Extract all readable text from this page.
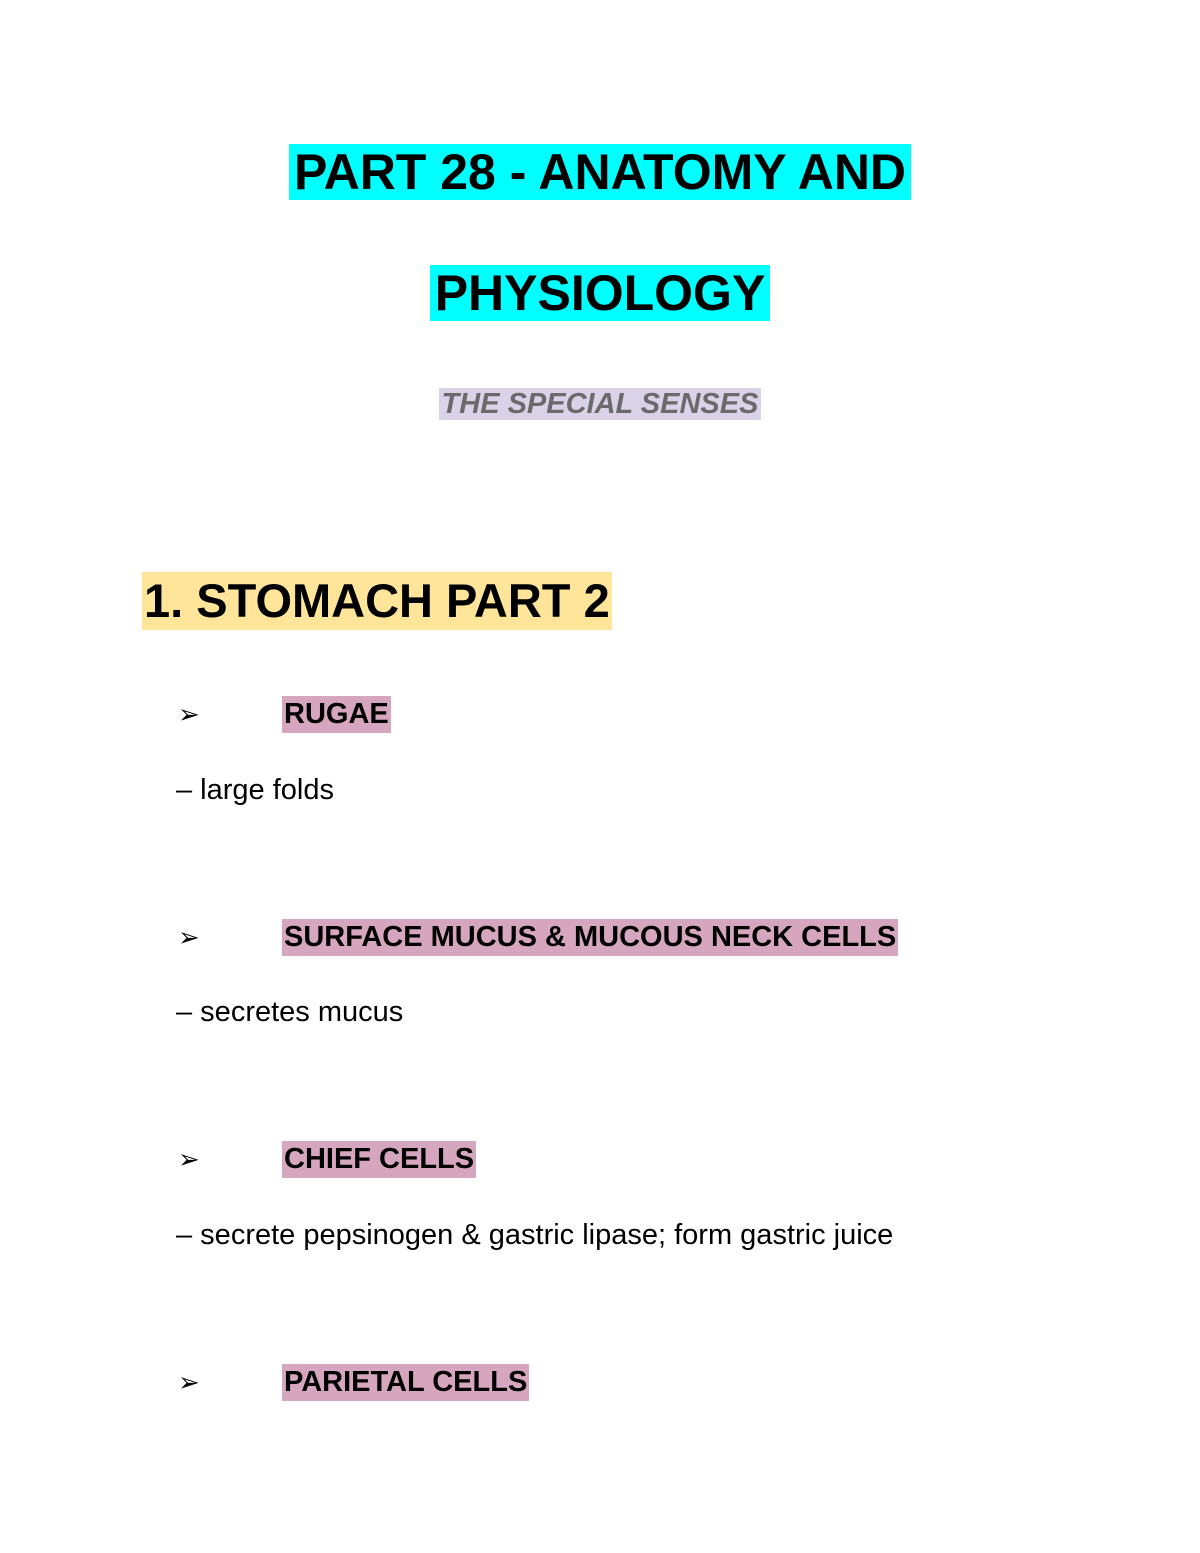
PART 28 - ANATOMY AND
PHYSIOLOGY
THE SPECIAL SENSES
1. STOMACH PART 2
➢	RUGAE
– large folds
➢	SURFACE MUCUS & MUCOUS NECK CELLS
– secretes mucus
➢	CHIEF CELLS
– secrete pepsinogen & gastric lipase; form gastric juice
➢	PARIETAL CELLS
